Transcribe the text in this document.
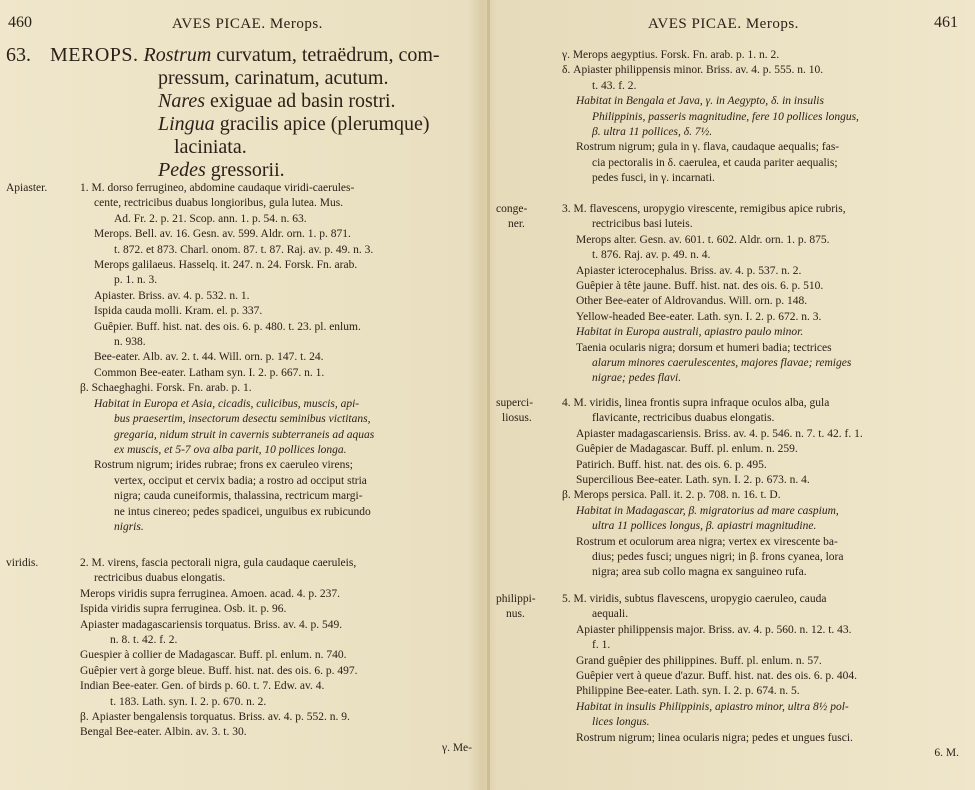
460	AVES PICAE. Merops.
63. MEROPS. Rostrum curvatum, tetraëdrum, com-
pressum, carinatum, acutum.
Nares exiguae ad basin rostri.
Lingua gracilis apice (plerumque)
laciniata.
Pedes gressorii.
Apiaster.	1. M. dorso ferrugineo, abdomine caudaque viridi-caerules-

cente, rectricibus duabus longioribus, gula lutea. Mus.

Ad. Fr. 2. p. 21. Scop. ann. 1. p. 54. n. 63.

Merops. Bell. av. 16. Gesn. av. 599. Aldr. orn. 1. p. 871.

t. 872. et 873. Charl. onom. 87. t. 87. Raj. av. p. 49. n. 3.

Merops galilaeus. Hasselq. it. 247. n. 24. Forsk. Fn. arab.

p. 1. n. 3.

Apiaster. Briss. av. 4. p. 532. n. 1.

Ispida cauda molli. Kram. el. p. 337.

Guêpier. Buff. hist. nat. des ois. 6. p. 480. t. 23. pl. enlum.

n. 938.

Bee-eater. Alb. av. 2. t. 44. Will. orn. p. 147. t. 24.

Common Bee-eater. Latham syn. I. 2. p. 667. n. 1.

β. Schaeghaghi. Forsk. Fn. arab. p. 1.

Habitat in Europa et Asia, cicadis, culicibus, muscis, api-

bus praesertim, insectorum desectu seminibus victitans,

gregaria, nidum struit in cavernis subterraneis ad aquas

ex muscis, et 5-7 ova alba parit, 10 pollices longa.

Rostrum nigrum; irides rubrae; frons ex caeruleo virens;

vertex, occiput et cervix badia; a rostro ad occiput stria

nigra; cauda cuneiformis, thalassina, rectricum margi-

ne intus cinereo; pedes spadicei, unguibus ex rubicundo

nigris.

viridis.	2. M. virens, fascia pectorali nigra, gula caudaque caeruleis,

rectricibus duabus elongatis.

Merops viridis supra ferruginea. Amoen. acad. 4. p. 237.

Ispida viridis supra ferruginea. Osb. it. p. 96.

Apiaster madagascariensis torquatus. Briss. av. 4. p. 549.

n. 8. t. 42. f. 2.

Guespier à collier de Madagascar. Buff. pl. enlum. n. 740.

Guêpier vert à gorge bleue. Buff. hist. nat. des ois. 6. p. 497.

Indian Bee-eater. Gen. of birds p. 60. t. 7. Edw. av. 4.

t. 183. Lath. syn. I. 2. p. 670. n. 2.

β. Apiaster bengalensis torquatus. Briss. av. 4. p. 552. n. 9.

Bengal Bee-eater. Albin. av. 3. t. 30.

γ. Me-

AVES PICAE. Merops.	461

γ. Merops aegyptius. Forsk. Fn. arab. p. 1. n. 2.

δ. Apiaster philippensis minor. Briss. av. 4. p. 555. n. 10.

t. 43. f. 2.

Habitat in Bengala et Java, γ. in Aegypto, δ. in insulis

Philippinis, passeris magnitudine, fere 10 pollices longus,

β. ultra 11 pollices, δ. 7½.

Rostrum nigrum; gula in γ. flava, caudaque aequalis; fas-

cia pectoralis in δ. caerulea, et cauda pariter aequalis;

pedes fusci, in γ. incarnati.

conge-
ner.

3. M. flavescens, uropygio virescente, remigibus apice rubris,

rectricibus basi luteis.

Merops alter. Gesn. av. 601. t. 602. Aldr. orn. 1. p. 875.

t. 876. Raj. av. p. 49. n. 4.

Apiaster icterocephalus. Briss. av. 4. p. 537. n. 2.

Guêpier à tête jaune. Buff. hist. nat. des ois. 6. p. 510.

Other Bee-eater of Aldrovandus. Will. orn. p. 148.

Yellow-headed Bee-eater. Lath. syn. I. 2. p. 672. n. 3.

Habitat in Europa australi, apiastro paulo minor.

Taenia ocularis nigra; dorsum et humeri badia; tectrices

alarum minores caerulescentes, majores flavae; remiges

nigrae; pedes flavi.

superci-
liosus.

4. M. viridis, linea frontis supra infraque oculos alba, gula

flavicante, rectricibus duabus elongatis.

Apiaster madagascariensis. Briss. av. 4. p. 546. n. 7. t. 42. f. 1.

Guêpier de Madagascar. Buff. pl. enlum. n. 259.

Patirich. Buff. hist. nat. des ois. 6. p. 495.

Supercilious Bee-eater. Lath. syn. I. 2. p. 673. n. 4.

β. Merops persica. Pall. it. 2. p. 708. n. 16. t. D.

Habitat in Madagascar, β. migratorius ad mare caspium,

ultra 11 pollices longus, β. apiastri magnitudine.

Rostrum et oculorum area nigra; vertex ex virescente ba-

dius; pedes fusci; ungues nigri; in β. frons cyanea, lora

nigra; area sub collo magna ex sanguineo rufa.

philippi-
nus.

5. M. viridis, subtus flavescens, uropygio caeruleo, cauda

aequali.

Apiaster philippensis major. Briss. av. 4. p. 560. n. 12. t. 43.

f. 1.

Grand guêpier des philippines. Buff. pl. enlum. n. 57.

Guêpier vert à queue d'azur. Buff. hist. nat. des ois. 6. p. 404.

Philippine Bee-eater. Lath. syn. I. 2. p. 674. n. 5.

Habitat in insulis Philippinis, apiastro minor, ultra 8½ pol-

lices longus.

Rostrum nigrum; linea ocularis nigra; pedes et ungues fusci.

6. M.
